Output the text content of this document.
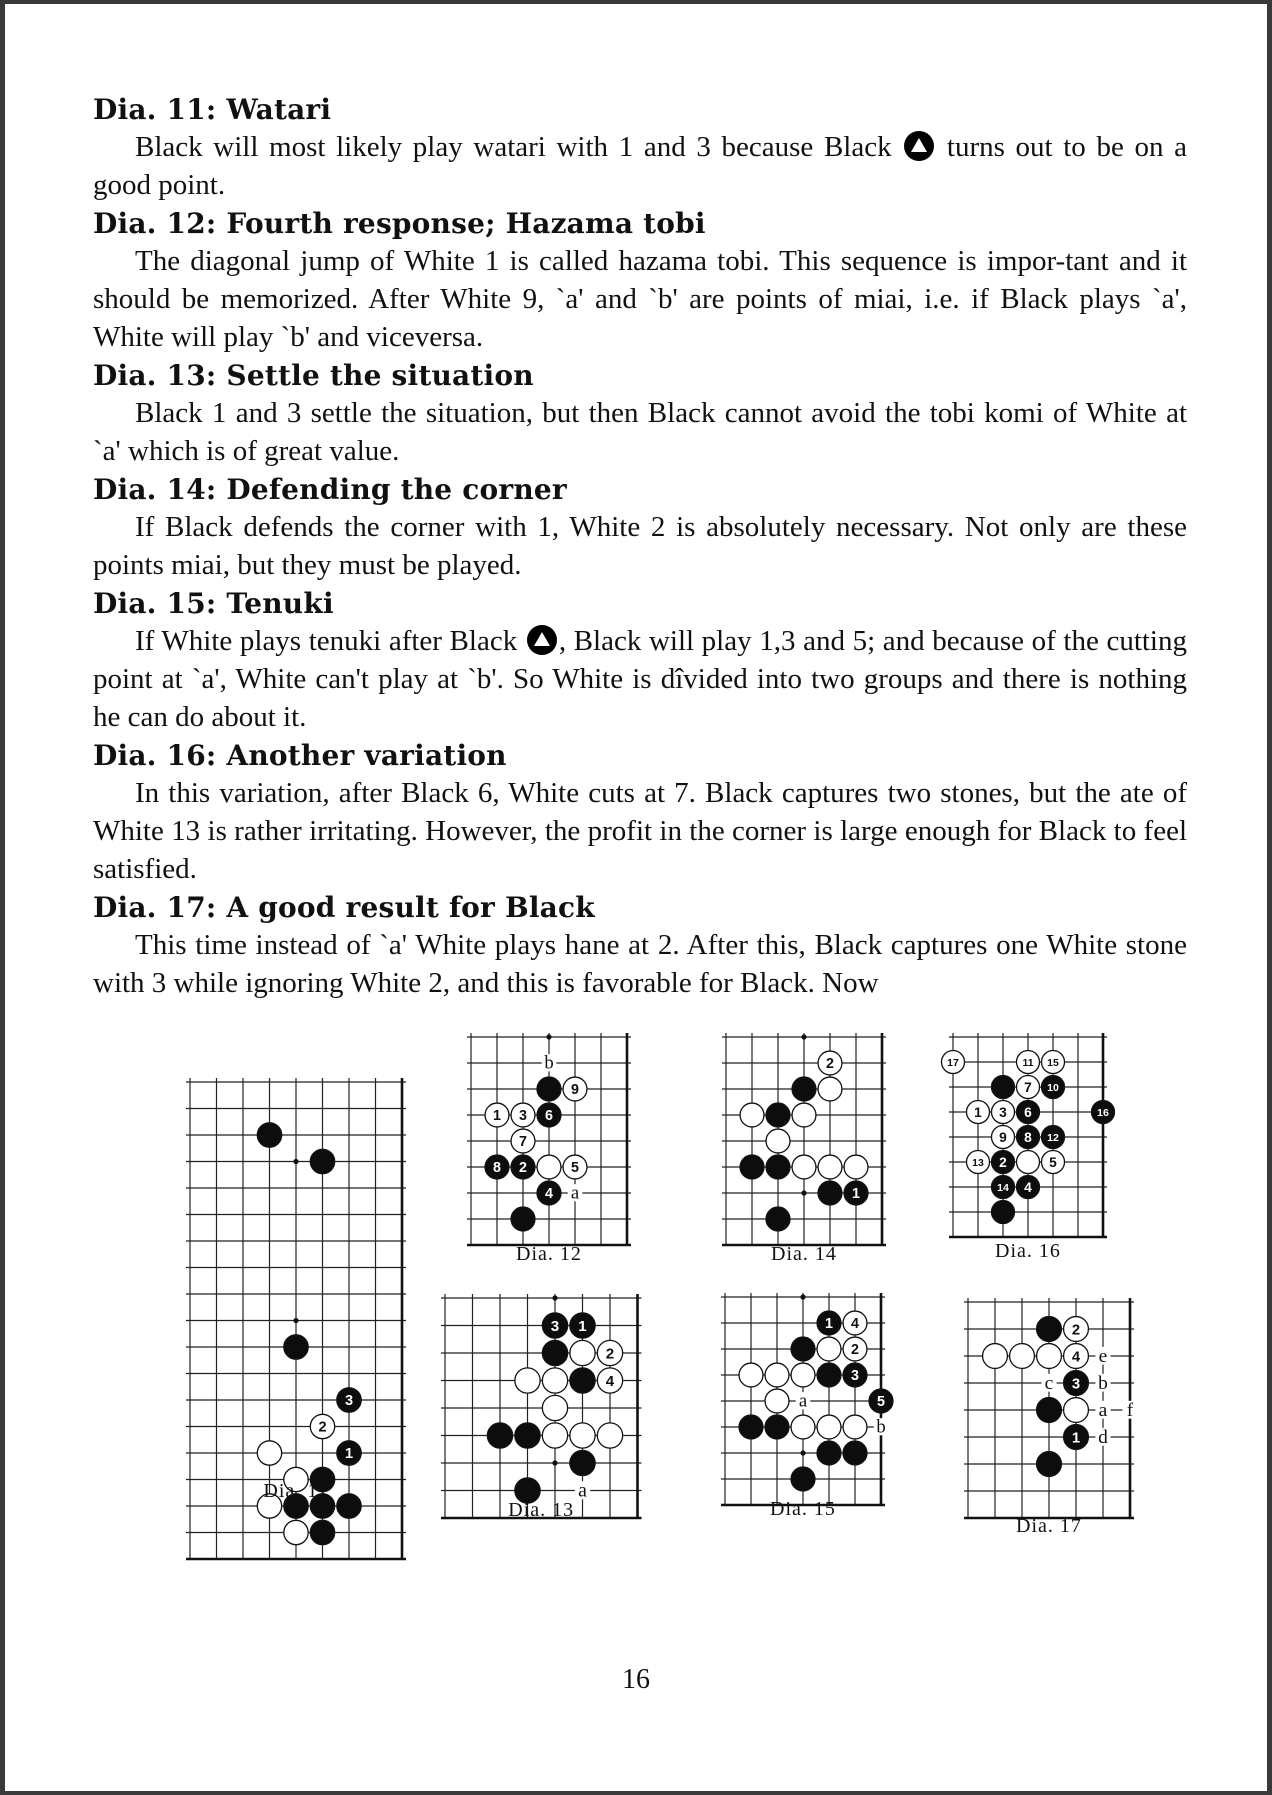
Dia. 11: Watari

Black will most likely play watari with 1 and 3 because Black  turns out to be on a good point.

Dia. 12: Fourth response; Hazama tobi

The diagonal jump of White 1 is called hazama tobi. This sequence is impor-tant and it should be memorized. After White 9, `a' and `b' are points of miai, i.e. if Black plays `a', White will play `b' and viceversa.

Dia. 13: Settle the situation

Black 1 and 3 settle the situation, but then Black cannot avoid the tobi komi of White at `a' which is of great value.

Dia. 14: Defending the corner

If Black defends the corner with 1, White 2 is absolutely necessary. Not only are these points miai, but they must be played.

Dia. 15: Tenuki

If White plays tenuki after Black , Black will play 1,3 and 5; and because of the cutting point at `a', White can't play at `b'. So White is dîvided into two groups and there is nothing he can do about it.

Dia. 16: Another variation

In this variation, after Black 6, White cuts at 7. Black captures two stones, but the ate of White 13 is rather irritating. However, the profit in the corner is large enough for Black to feel satisfied.

Dia. 17: A good result for Black

This time instead of `a' White plays hane at 2. After this, Black captures one White stone with 3 while ignoring White 2, and this is favorable for Black. Now

3
2
1
Dia. 11
9
1 3 6
7
8 2	5
4
b
a
Dia. 12
2
1
Dia. 14
17	11 15
7 10
1 3 6	16
9 8 12
13 2	5
14 4
Dia. 16
3 1
2
4
a
Dia. 13
1 4
2
3
5
a
b
Dia. 15
2
4
3
1
e
c b
a f
d
Dia. 17
16
